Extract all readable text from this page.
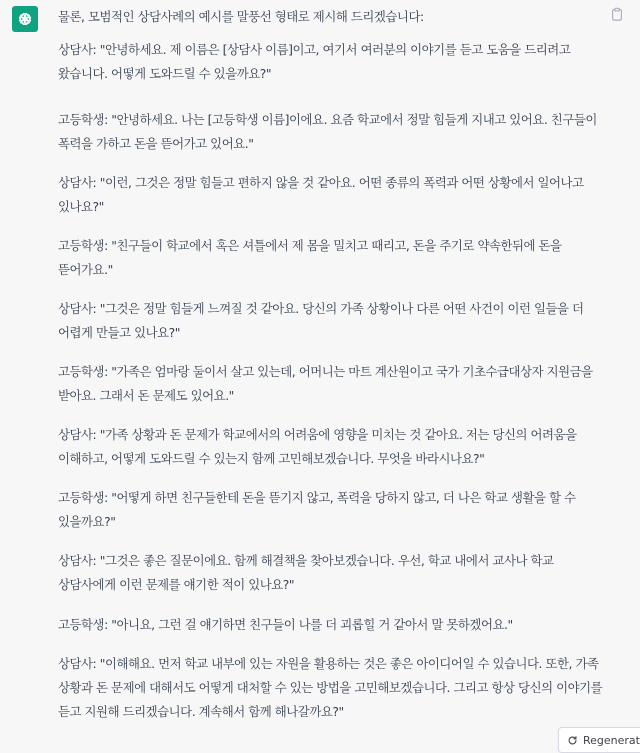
물론, 모범적인 상담사례의 예시를 말풍선 형태로 제시해 드리겠습니다:

상담사: "안녕하세요. 제 이름은 [상담사 이름]이고, 여기서 여러분의 이야기를 듣고 도움을 드리려고 왔습니다. 어떻게 도와드릴 수 있을까요?"

고등학생: "안녕하세요. 나는 [고등학생 이름]이에요. 요즘 학교에서 정말 힘들게 지내고 있어요. 친구들이 폭력을 가하고 돈을 뜯어가고 있어요."

상담사: "이런, 그것은 정말 힘들고 편하지 않을 것 같아요. 어떤 종류의 폭력과 어떤 상황에서 일어나고 있나요?"

고등학생: "친구들이 학교에서 혹은 셔틀에서 제 몸을 밀치고 때리고, 돈을 주기로 약속한뒤에 돈을 뜯어가요."

상담사: "그것은 정말 힘들게 느껴질 것 같아요. 당신의 가족 상황이나 다른 어떤 사건이 이런 일들을 더 어렵게 만들고 있나요?"

고등학생: "가족은 엄마랑 둘이서 살고 있는데, 어머니는 마트 계산원이고 국가 기초수급대상자 지원금을 받아요. 그래서 돈 문제도 있어요."

상담사: "가족 상황과 돈 문제가 학교에서의 어려움에 영향을 미치는 것 같아요. 저는 당신의 어려움을 이해하고, 어떻게 도와드릴 수 있는지 함께 고민해보겠습니다. 무엇을 바라시나요?"

고등학생: "어떻게 하면 친구들한테 돈을 뜯기지 않고, 폭력을 당하지 않고, 더 나은 학교 생활을 할 수 있을까요?"

상담사: "그것은 좋은 질문이에요. 함께 해결책을 찾아보겠습니다. 우선, 학교 내에서 교사나 학교 상담사에게 이런 문제를 얘기한 적이 있나요?"

고등학생: "아니요, 그런 걸 얘기하면 친구들이 나를 더 괴롭힐 거 같아서 말 못하겠어요."

상담사: "이해해요. 먼저 학교 내부에 있는 자원을 활용하는 것은 좋은 아이디어일 수 있습니다. 또한, 가족 상황과 돈 문제에 대해서도 어떻게 대처할 수 있는 방법을 고민해보겠습니다. 그리고 항상 당신의 이야기를 듣고 지원해 드리겠습니다. 계속해서 함께 해나갈까요?"

Regenerat
